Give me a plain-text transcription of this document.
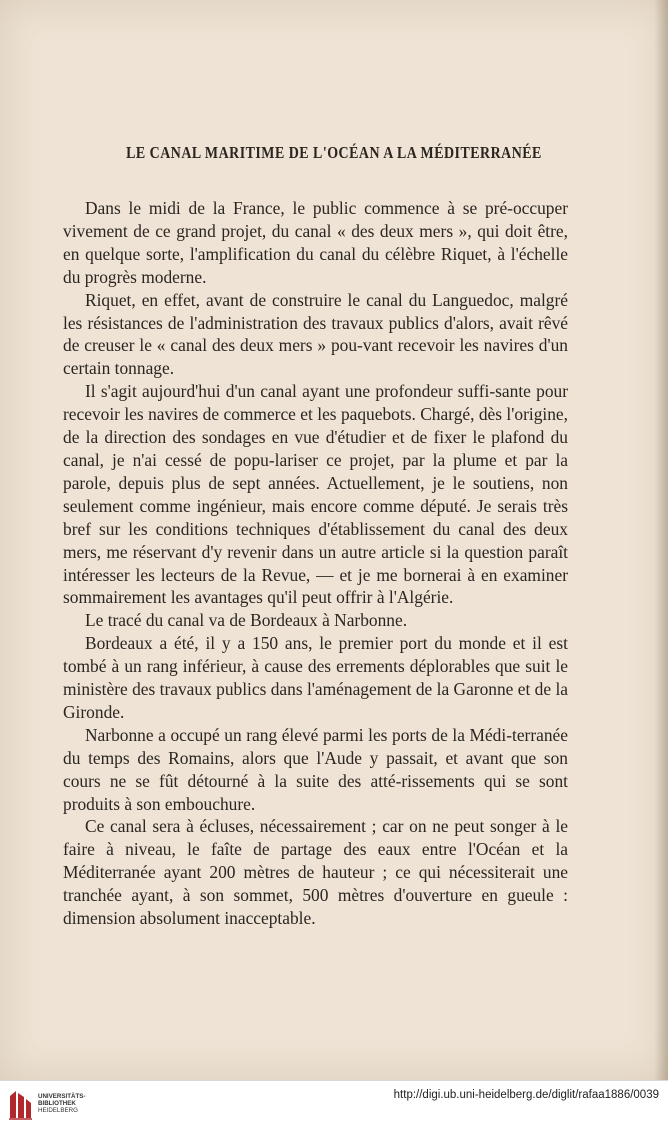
LE CANAL MARITIME DE L'OCÉAN A LA MÉDITERRANÉE

Dans le midi de la France, le public commence à se pré-occuper vivement de ce grand projet, du canal « des deux mers », qui doit être, en quelque sorte, l'amplification du canal du célèbre Riquet, à l'échelle du progrès moderne.

Riquet, en effet, avant de construire le canal du Languedoc, malgré les résistances de l'administration des travaux publics d'alors, avait rêvé de creuser le « canal des deux mers » pou-vant recevoir les navires d'un certain tonnage.

Il s'agit aujourd'hui d'un canal ayant une profondeur suffi-sante pour recevoir les navires de commerce et les paquebots. Chargé, dès l'origine, de la direction des sondages en vue d'étudier et de fixer le plafond du canal, je n'ai cessé de popu-lariser ce projet, par la plume et par la parole, depuis plus de sept années. Actuellement, je le soutiens, non seulement comme ingénieur, mais encore comme député. Je serais très bref sur les conditions techniques d'établissement du canal des deux mers, me réservant d'y revenir dans un autre article si la question paraît intéresser les lecteurs de la Revue, — et je me bornerai à en examiner sommairement les avantages qu'il peut offrir à l'Algérie.

Le tracé du canal va de Bordeaux à Narbonne.

Bordeaux a été, il y a 150 ans, le premier port du monde et il est tombé à un rang inférieur, à cause des errements déplorables que suit le ministère des travaux publics dans l'aménagement de la Garonne et de la Gironde.

Narbonne a occupé un rang élevé parmi les ports de la Médi-terranée du temps des Romains, alors que l'Aude y passait, et avant que son cours ne se fût détourné à la suite des atté-rissements qui se sont produits à son embouchure.

Ce canal sera à écluses, nécessairement ; car on ne peut songer à le faire à niveau, le faîte de partage des eaux entre l'Océan et la Méditerranée ayant 200 mètres de hauteur ; ce qui nécessiterait une tranchée ayant, à son sommet, 500 mètres d'ouverture en gueule : dimension absolument inacceptable.

UNIVERSITÄTS-
BIBLIOTHEK
HEIDELBERG
http://digi.ub.uni-heidelberg.de/diglit/rafaa1886/0039
